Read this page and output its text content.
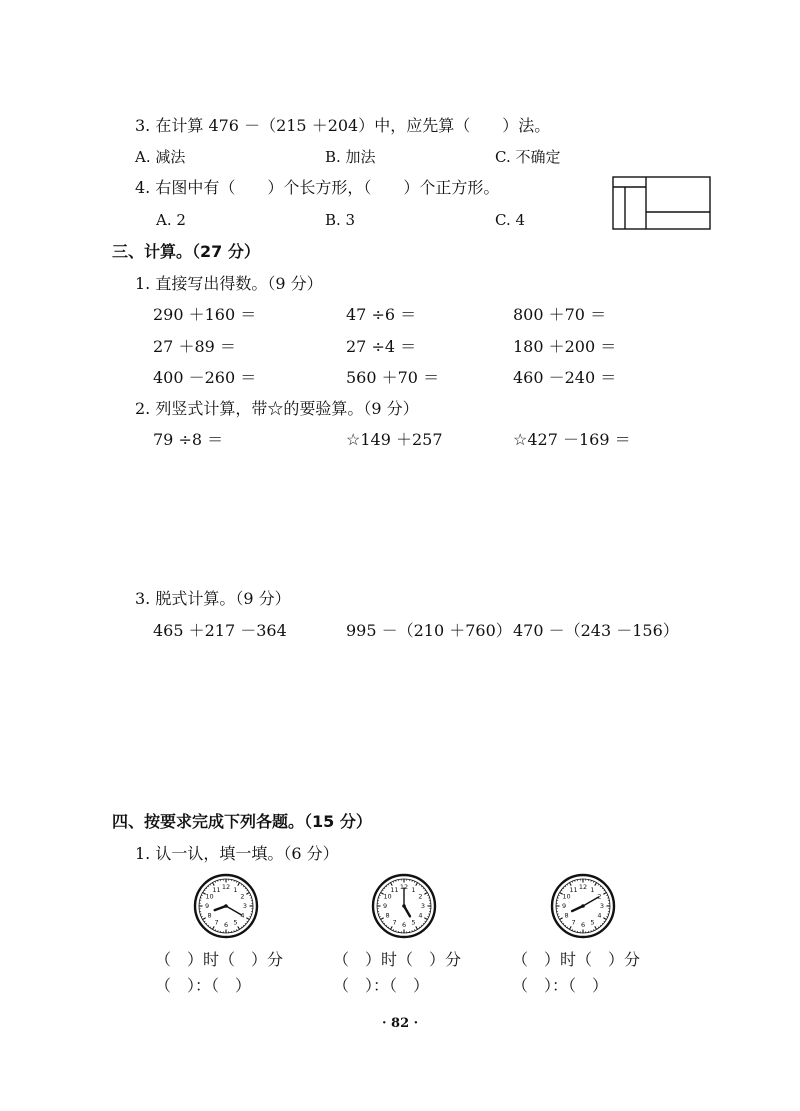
3. 在计算 476 －（215 ＋204）中，应先算（　　）法。
A. 减法	B. 加法	C. 不确定
4. 右图中有（　　）个长方形，（　　）个正方形。
A. 2	B. 3	C. 4
三、计算。（27 分）
1. 直接写出得数。（9 分）
290 ＋160 ＝	47 ÷6 ＝	800 ＋70 ＝
27 ＋89 ＝	27 ÷4 ＝	180 ＋200 ＝
400 －260 ＝	560 ＋70 ＝	460 －240 ＝
2. 列竖式计算，带☆的要验算。（9 分）
79 ÷8 ＝	☆149 ＋257	☆427 －169 ＝
3. 脱式计算。（9 分）
465 ＋217 －364	995 －（210 ＋760） 470 －（243 －156）
四、按要求完成下列各题。（15 分）
1. 认一认，填一填。（6 分）
12 1
2
3
4
5
6
7
8
9
10
11	12 1
2
3
4
5
6
7
8
9
10
11	12 1
2
3
4
5
6
7
8
9
10
11
（　）时（　）分
（　）：（　）
（　）时（　）分
（　）：（　）
（　）时（　）分
（　）：（　）
· 82 ·
